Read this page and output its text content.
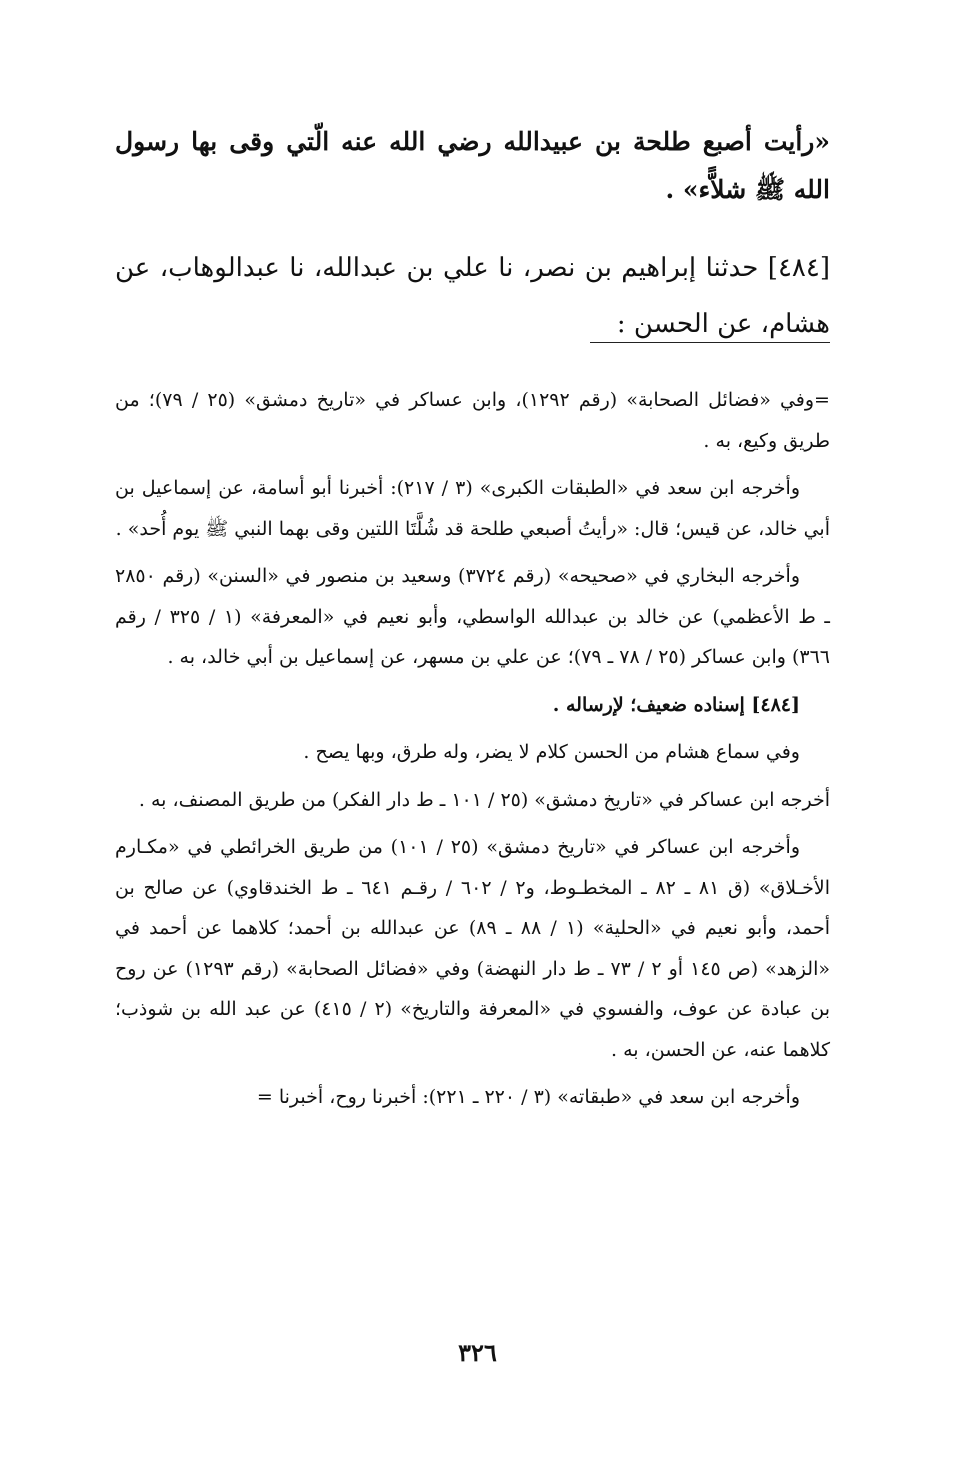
«رأيت أصبع طلحة بن عبيدالله رضي الله عنه الّتي وقى بها رسول الله ﷺ شلاًّء» .
[٤٨٤] حدثنا إبراهيم بن نصر، نا علي بن عبدالله، نا عبدالوهاب، عن هشام، عن الحسن :

=وفي «فضائل الصحابة» (رقم ١٢٩٢)، وابن عساكر في «تاريخ دمشق» (٢٥ / ٧٩)؛ من طريق وكيع، به .

وأخرجه ابن سعد في «الطبقات الكبرى» (٣ / ٢١٧): أخبرنا أبو أسامة، عن إسماعيل بن أبي خالد، عن قيس؛ قال: «رأيتُ أصبعي طلحة قد شُلَّتَا اللتين وقى بهما النبي ﷺ يوم أُحد» .

وأخرجه البخاري في «صحيحه» (رقم ٣٧٢٤) وسعيد بن منصور في «السنن» (رقم ٢٨٥٠ ـ ط الأعظمي) عن خالد بن عبدالله الواسطي، وأبو نعيم في «المعرفة» (١ / ٣٢٥ / رقم ٣٦٦) وابن عساكر (٢٥ / ٧٨ ـ ٧٩)؛ عن علي بن مسهر، عن إسماعيل بن أبي خالد، به .

[٤٨٤] إسناده ضعيف؛ لإرساله .

وفي سماع هشام من الحسن كلام لا يضر، وله طرق، وبها يصح .

أخرجه ابن عساكر في «تاريخ دمشق» (٢٥ / ١٠١ ـ ط دار الفكر) من طريق المصنف، به .

وأخرجه ابن عساكر في «تاريخ دمشق» (٢٥ / ١٠١) من طريق الخرائطي في «مكـارم الأخـلاق» (ق ٨١ ـ ٨٢ ـ المخطـوط، و٢ / ٦٠٢ / رقـم ٦٤١ ـ ط الخندقاوي) عن صالح بن أحمد، وأبو نعيم في «الحلية» (١ / ٨٨ ـ ٨٩) عن عبدالله بن أحمد؛ كلاهما عن أحمد في «الزهد» (ص ١٤٥ أو ٢ / ٧٣ ـ ط دار النهضة) وفي «فضائل الصحابة» (رقم ١٢٩٣) عن روح بن عبادة عن عوف، والفسوي في «المعرفة والتاريخ» (٢ / ٤١٥) عن عبد الله بن شوذب؛ كلاهما عنه، عن الحسن، به .

وأخرجه ابن سعد في «طبقاته» (٣ / ٢٢٠ ـ ٢٢١): أخبرنا روح، أخبرنا =

٣٢٦
